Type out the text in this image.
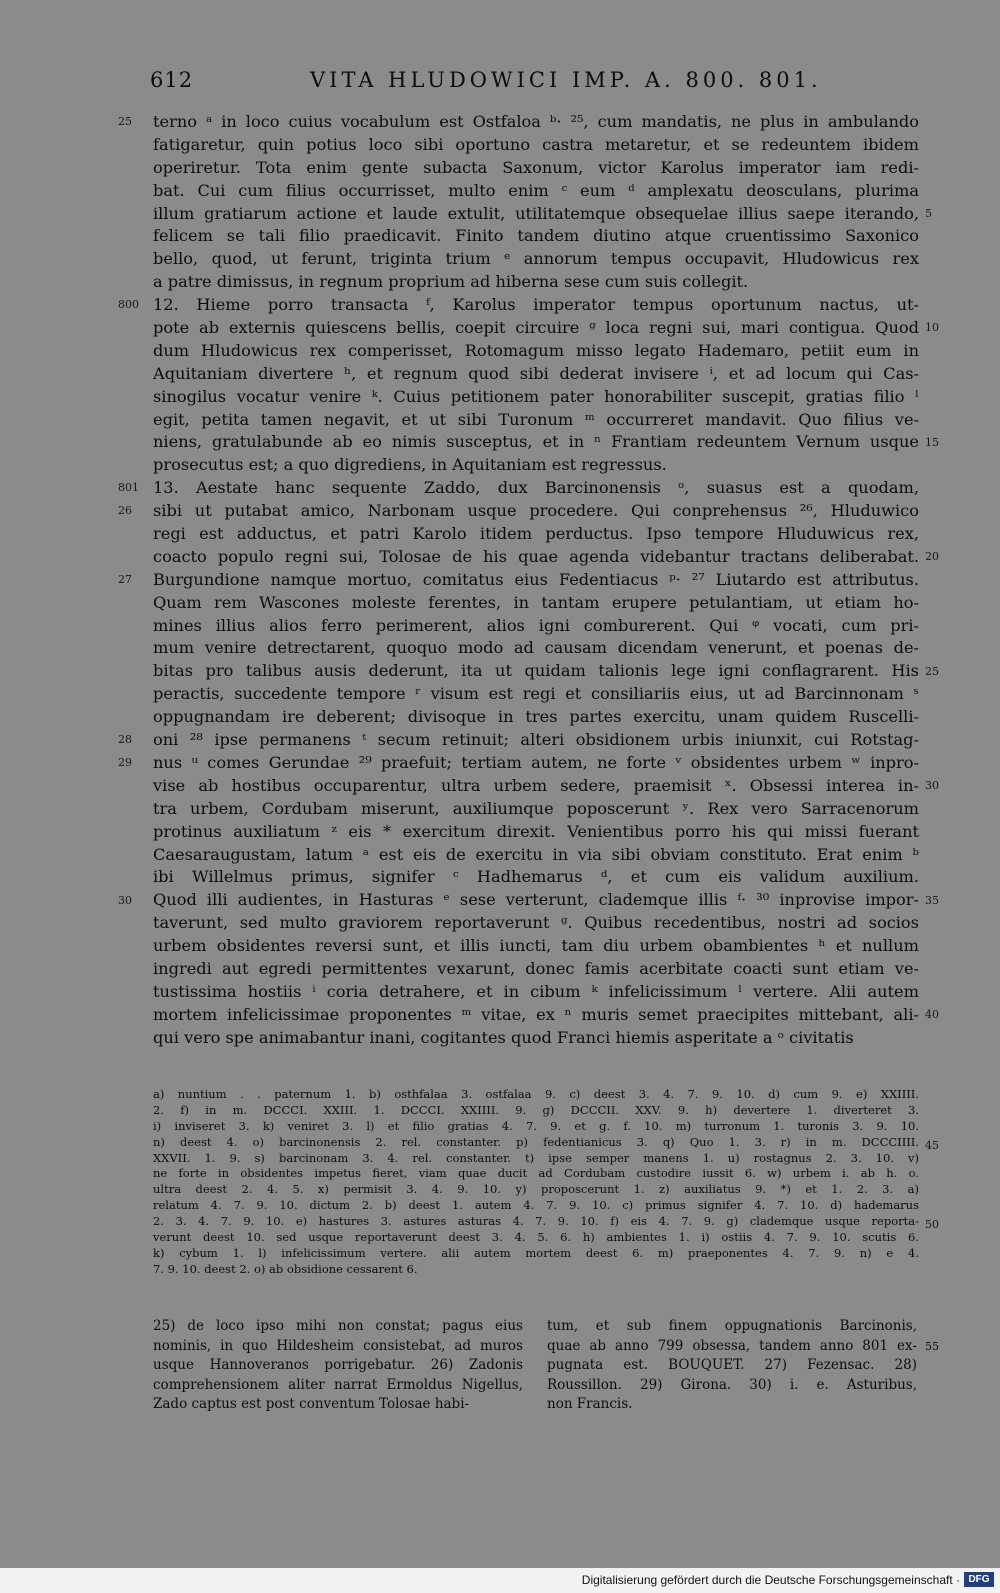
612	VITA HLUDOWICI IMP. A. 800. 801.
terno ᵃ in loco cuius vocabulum est Ostfaloa ᵇ· ²⁵, cum mandatis, ne plus in ambulando
fatigaretur, quin potius loco sibi oportuno castra metaretur, et se redeuntem ibidem
operiretur. Tota enim gente subacta Saxonum, victor Karolus imperator iam redi-
bat. Cui cum filius occurrisset, multo enim ᶜ eum ᵈ amplexatu deosculans, plurima
illum gratiarum actione et laude extulit, utilitatemque obsequelae illius saepe iterando,
felicem se tali filio praedicavit. Finito tandem diutino atque cruentissimo Saxonico
bello, quod, ut ferunt, triginta trium ᵉ annorum tempus occupavit, Hludowicus rex
a patre dimissus, in regnum proprium ad hiberna sese cum suis collegit.
12. Hieme porro transacta ᶠ, Karolus imperator tempus oportunum nactus, ut-
pote ab externis quiescens bellis, coepit circuire ᵍ loca regni sui, mari contigua. Quod
dum Hludowicus rex comperisset, Rotomagum misso legato Hademaro, petiit eum in
Aquitaniam divertere ʰ, et regnum quod sibi dederat invisere ⁱ, et ad locum qui Cas-
sinogilus vocatur venire ᵏ. Cuius petitionem pater honorabiliter suscepit, gratias filio ˡ
egit, petita tamen negavit, et ut sibi Turonum ᵐ occurreret mandavit. Quo filius ve-
niens, gratulabunde ab eo nimis susceptus, et in ⁿ Frantiam redeuntem Vernum usque
prosecutus est; a quo digrediens, in Aquitaniam est regressus.
13. Aestate hanc sequente Zaddo, dux Barcinonensis ᵒ, suasus est a quodam,
sibi ut putabat amico, Narbonam usque procedere. Qui conprehensus ²⁶, Hluduwico
regi est adductus, et patri Karolo itidem perductus. Ipso tempore Hluduwicus rex,
coacto populo regni sui, Tolosae de his quae agenda videbantur tractans deliberabat.
Burgundione namque mortuo, comitatus eius Fedentiacus ᵖ· ²⁷ Liutardo est attributus.
Quam rem Wascones moleste ferentes, in tantam erupere petulantiam, ut etiam ho-
mines illius alios ferro perimerent, alios igni comburerent. Qui ᵠ vocati, cum pri-
mum venire detrectarent, quoquo modo ad causam dicendam venerunt, et poenas de-
bitas pro talibus ausis dederunt, ita ut quidam talionis lege igni conflagrarent. His
peractis, succedente tempore ʳ visum est regi et consiliariis eius, ut ad Barcinnonam ˢ
oppugnandam ire deberent; divisoque in tres partes exercitu, unam quidem Ruscelli-
oni ²⁸ ipse permanens ᵗ secum retinuit; alteri obsidionem urbis iniunxit, cui Rotstag-
nus ᵘ comes Gerundae ²⁹ praefuit; tertiam autem, ne forte ᵛ obsidentes urbem ʷ inpro-
vise ab hostibus occuparentur, ultra urbem sedere, praemisit ˣ. Obsessi interea in-
tra urbem, Cordubam miserunt, auxiliumque poposcerunt ʸ. Rex vero Sarracenorum
protinus auxiliatum ᶻ eis * exercitum direxit. Venientibus porro his qui missi fuerant
Caesaraugustam, latum ᵃ est eis de exercitu in via sibi obviam constituto. Erat enim ᵇ
ibi Willelmus primus, signifer ᶜ Hadhemarus ᵈ, et cum eis validum auxilium.
Quod illi audientes, in Hasturas ᵉ sese verterunt, clademque illis ᶠ· ³⁰ inprovise impor-
taverunt, sed multo graviorem reportaverunt ᵍ. Quibus recedentibus, nostri ad socios
urbem obsidentes reversi sunt, et illis iuncti, tam diu urbem obambientes ʰ et nullum
ingredi aut egredi permittentes vexarunt, donec famis acerbitate coacti sunt etiam ve-
tustissima hostiis ⁱ coria detrahere, et in cibum ᵏ infelicissimum ˡ vertere. Alii autem
mortem infelicissimae proponentes ᵐ vitae, ex ⁿ muris semet praecipites mittebant, ali-
qui vero spe animabantur inani, cogitantes quod Franci hiemis asperitate a ᵒ civitatis
25
800
801
26
27
28
29
30
5
10
15
20
25
30
35
40
a) nuntium . . paternum 1. b) osthfalaa 3. ostfalaa 9. c) deest 3. 4. 7. 9. 10. d) cum 9. e) XXIIII.
2. f) in m. DCCCI. XXIII. 1. DCCCI. XXIIII. 9. g) DCCCII. XXV. 9. h) devertere 1. diverteret 3.
i) inviseret 3. k) veniret 3. l) et filio gratias 4. 7. 9. et g. f. 10. m) turronum 1. turonis 3. 9. 10.
n) deest 4. o) barcinonensis 2. rel. constanter. p) fedentianicus 3. q) Quo 1. 3. r) in m. DCCCIIII.
XXVII. 1. 9. s) barcinonam 3. 4. rel. constanter. t) ipse semper manens 1. u) rostagnus 2. 3. 10. v)
ne forte in obsidentes impetus fieret, viam quae ducit ad Cordubam custodire iussit 6. w) urbem i. ab h. o.
ultra deest 2. 4. 5. x) permisit 3. 4. 9. 10. y) proposcerunt 1. z) auxiliatus 9. *) et 1. 2. 3. a)
relatum 4. 7. 9. 10. dictum 2. b) deest 1. autem 4. 7. 9. 10. c) primus signifer 4. 7. 10. d) hademarus
2. 3. 4. 7. 9. 10. e) hastures 3. astures asturas 4. 7. 9. 10. f) eis 4. 7. 9. g) clademque usque reporta-
verunt deest 10. sed usque reportaverunt deest 3. 4. 5. 6. h) ambientes 1. i) ostiis 4. 7. 9. 10. scutis 6.
k) cybum 1. l) infelicissimum vertere. alii autem mortem deest 6. m) praeponentes 4. 7. 9. n) e 4.
7. 9. 10. deest 2. o) ab obsidione cessarent 6.
45
50
25) de loco ipso mihi non constat; pagus eius
nominis, in quo Hildesheim consistebat, ad muros
usque Hannoveranos porrigebatur. 26) Zadonis
comprehensionem aliter narrat Ermoldus Nigellus,
Zado captus est post conventum Tolosae habi-
tum, et sub finem oppugnationis Barcinonis,
quae ab anno 799 obsessa, tandem anno 801 ex-
pugnata est. BOUQUET. 27) Fezensac. 28)
Roussillon. 29) Girona. 30) i. e. Asturibus,
non Francis.
55
Digitalisierung gefördert durch die Deutsche Forschungsgemeinschaft · DFG
